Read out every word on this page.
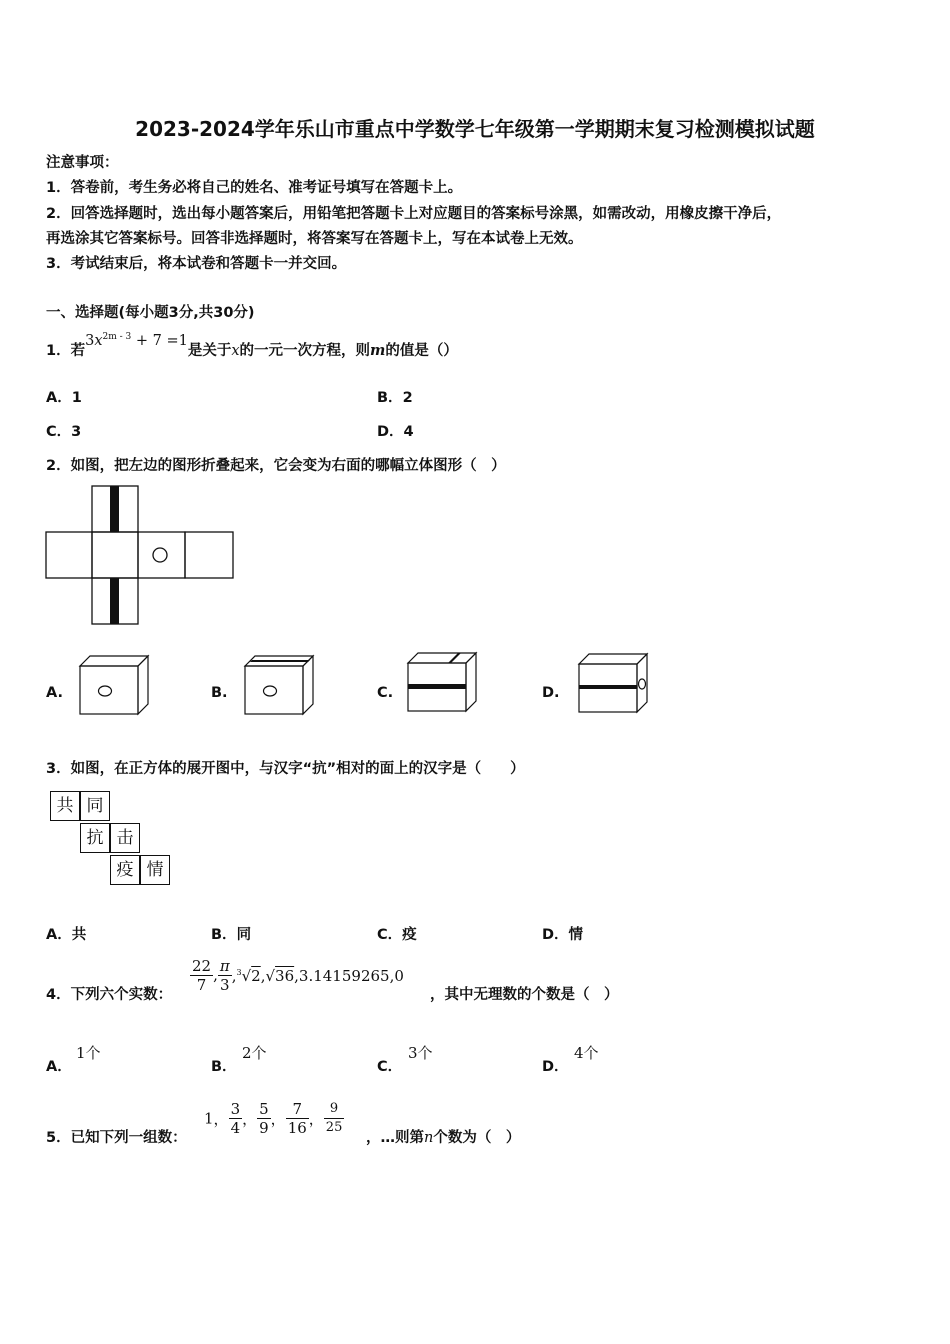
2023-2024学年乐山市重点中学数学七年级第一学期期末复习检测模拟试题
注意事项：
1．答卷前，考生务必将自己的姓名、准考证号填写在答题卡上。
2．回答选择题时，选出每小题答案后，用铅笔把答题卡上对应题目的答案标号涂黑，如需改动，用橡皮擦干净后，
再选涂其它答案标号。回答非选择题时，将答案写在答题卡上，写在本试卷上无效。
3．考试结束后，将本试卷和答题卡一并交回。
一、选择题(每小题3分,共30分)
1．若$3x^{2m - 3} + 7 =1$是关于x的一元一次方程，则m的值是（）
A．1	B．2
C．3	D．4
2．如图，把左边的图形折叠起来，它会变为右面的哪幅立体图形（　）
A.	B.	C.	D.
3．如图，在正方体的展开图中，与汉字“抗”相对的面上的汉字是（　　）
共 同
抗 击
疫 情
A．共	B．同	C．疫	D．情
4．下列六个实数：
$\frac{22}{7}$ , $\frac{\pi}{3} ,^3√2,√36,3.14159265,0$
，其中无理数的个数是（　）
A．
1个
B．
2个
C．
3个
D．
4个
5．已知下列一组数：
1， $\frac{3}{4}$ ， $\frac{5}{9}$ ， $\frac{7}{16}$ ， $\frac{9}{25}$
，…则第n个数为（　）
